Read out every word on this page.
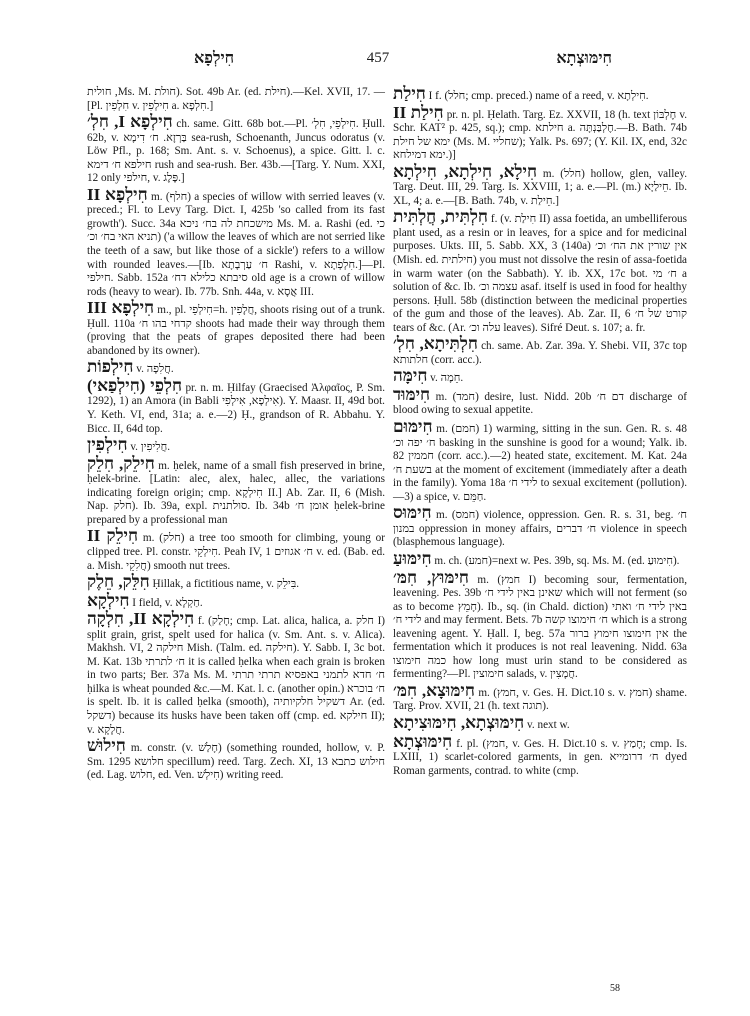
חִילְפָא	457	חִימּוּצְתָא

חולית ,Ms. M. חולת). Sot. 49b Ar. (ed. חילת).—Kel. XVII, 17. —[Pl. חִלְפִין v. חִילְפִין a. חִלְפָא.]

חִילְפָא I, חִלְ׳ ch. same. Gitt. 68b bot.—Pl. חִילְפֵי, חִלְ׳. Ḥull. 62b, v. בַּרְזָא. ח׳ דִימָא sea-rush, Schoenanth, Juncus odoratus (v. Löw Pfl., p. 168; Sm. Ant. s. v. Schoenus), a spice. Gitt. l. c. חילפא ח׳ דימא rush and sea-rush. Ber. 43b.—[Targ. Y. Num. XXI, 12 only חילפי, v. פֶּלֶג.]

חִילְפָא II m. (חלף) a species of willow with serried leaves (v. preced.; Fl. to Levy Targ. Dict. I, 425b 'so called from its fast growth'). Succ. 34a מישכחת לה בח׳ ניכא Ms. M. a. Rashi (ed. כי תניא האי בח׳ וכ׳) ('a willow the leaves of which are not serried like the teeth of a saw, but like those of a sickle') refers to a willow with rounded leaves.—[Ib. ח׳ עַרְבָתָא Rashi, v. חִלְפְתָא.]—Pl. חילפי. Sabb. 152a סיבתא כלילא דח׳ old age is a crown of willow rods (heavy to wear). Ib. 77b. Snh. 44a, v. אֲסָא III.

חִילְפָא III m., pl. חִילְפֵי=h. חֲלָפִין, shoots rising out of a trunk. Ḥull. 110a קדחי בהו ח׳ shoots had made their way through them (proving that the peats of grapes deposited there had been abandoned by its owner).

חִילְפוֹת v. חֲלִפָה.

חִלְפֵי (חִילְפַאי) pr. n. m. Ḥilfay (Graecised Ἀλφαῖος, P. Sm. 1292), 1) an Amora (in Babli אִילְפָא, אִילְפִי). Y. Maasr. II, 49d bot. Y. Keth. VI, end, 31a; a. e.—2) Ḥ., grandson of R. Abbahu. Y. Bicc. II, 64d top.

חִילְפִין v. חֲלִיפִין.

חִילֵק, חִלֵק m. ḥelek, name of a small fish preserved in brine, ḥelek-brine. [Latin: alec, alex, halec, allec, the variations indicating foreign origin; cmp. חִילְקָא II.] Ab. Zar. II, 6 (Mish. Nap. חלק). Ib. 39a, expl. סולתנית. Ib. 34b אומן ח׳ ḥelek-brine prepared by a professional man

חִילֵק II m. (חלק) a tree too smooth for climbing, young or clipped tree. Pl. constr. חִילְקֵי. Peah IV, 1 ח׳ אגוזים v. ed. (Bab. ed. a. Mish. חֲלִקֵי) smooth nut trees.

חִלֵּק, חֵלֶק Ḥillak, a fictitious name, v. בִּילֵק.

חִילְקָא I field, v. חַקְלָא.

חִילְקָא II, חִלְקָה f. (חָלַק; cmp. Lat. alica, halica, a. חלק I) split grain, grist, spelt used for halica (v. Sm. Ant. s. v. Alica). Makhsh. VI, 2 חילקה Mish. (Talm. ed. חילקה). Y. Sabb. I, 3c bot. M. Kat. 13b ח׳ לתרתי it is called ḥelka when each grain is broken in two parts; Ber. 37a Ms. M. ח׳ חדא לתמני באפסיא תרתי תרתי ḥilka is wheat pounded &c.—M. Kat. l. c. (another opin.) ח׳ בוכרא is spelt. Ib. it is called ḥelka (smooth), דשקיל חלקיותיה Ar. (ed. דשקל) because its husks have been taken off (cmp. ed. חילקא II); v. חֲלָקָא.

חִילוּשׁ m. constr. (v. חָלַשׁ) (something rounded, hollow, v. P. Sm. 1295 חלושא specillum) reed. Targ. Zech. XI, 13 חילוש כתבא (ed. Lag. חלוש, ed. Ven. חִילְשׁ) writing reed.

חִילַת I f. (חלל; cmp. preced.) name of a reed, v. חִילְתָא.

חִילַת II pr. n. pl. Ḥelath. Targ. Ez. XXVII, 18 (h. text חֶלְבּוֹן v. Schr. KAT² p. 425, sq.); cmp. חילתא a. חֶלְבַּנְתָּה.—B. Bath. 74b ימא של חילת (Ms. M. שחליי); Yalk. Ps. 697; (Y. Kil. IX, end, 32c ימא דמילחא.)]

חִילָא, חִילְתָא, חִילְתָא m. (חלל) hollow, glen, valley. Targ. Deut. III, 29. Targ. Is. XXVIII, 1; a. e.—Pl. (m.) חֵילַיָא. Ib. XL, 4; a. e.—[B. Bath. 74b, v. חֵילַת.]

חִלְתִּית, חֲלְתִּית f. (v. חִילַת II) assa foetida, an umbelliferous plant used, as a resin or in leaves, for a spice and for medicinal purposes. Ukts. III, 5. Sabb. XX, 3 (140a) אין שורין את הח׳ וכ׳ (Mish. ed. חילתית) you must not dissolve the resin of assa-foetida in warm water (on the Sabbath). Y. ib. XX, 17c bot. ח׳ מי a solution of &c. Ib. עצמה וכ׳ asaf. itself is used in food for healthy persons. Ḥull. 58b (distinction between the medicinal properties of the gum and those of the leaves). Ab. Zar. II, 6 קורט של ח׳ tears of &c. (Ar. עלה וכ׳ leaves). Sifré Deut. s. 107; a. fr.

חִלְתִּיתָא, חִלְ׳ ch. same. Ab. Zar. 39a. Y. Shebi. VII, 37c top חלתותא (corr. acc.).

חִימָּה v. חֵמָה.

חִימּוּד m. (חמד) desire, lust. Nidd. 20b דם ח׳ discharge of blood owing to sexual appetite.

חִימּוּם m. (חמם) 1) warming, sitting in the sun. Gen. R. s. 48 ח׳ יפה וכ׳ basking in the sunshine is good for a wound; Yalk. ib. 82 חממין (corr. acc.).—2) heated state, excitement. M. Kat. 24a בשעת ח׳ at the moment of excitement (immediately after a death in the family). Yoma 18a לידי ח׳ to sexual excitement (pollution).—3) a spice, v. חַמֵּם.

חִימּוּס m. (חמס) violence, oppression. Gen. R. s. 31, beg. ח׳ במנון oppression in money affairs, ח׳ דברים violence in speech (blasphemous language).

חִימּוּעַ m. ch. (חמע)=next w. Pes. 39b, sq. Ms. M. (ed. חִימוּעַ).

חִימּוּץ, חִמּ׳ m. (חמץ I) becoming sour, fermentation, leavening. Pes. 39b שאינן באין לידי ח׳ which will not ferment (so as to become חָמֵץ). Ib., sq. (in Chald. diction) באין לידי ח׳ ואתי לידי ח׳ and may ferment. Bets. 7b ח׳ חימוצו קשה which is a strong leavening agent. Y. Ḥall. I, beg. 57a אין חימוצו חימוץ ברור the fermentation which it produces is not real leavening. Nidd. 63a כמה חימוצו how long must urin stand to be considered as fermenting?—Pl. חימוצין salads, v. חֲמָצִין.

חִימּוּצָא, חִמּ׳ m. (חמץ, v. Ges. H. Dict.10 s. v. חמץ) shame. Targ. Prov. XVII, 21 (h. text תוגה).

חִימּוּצְתָא, חִימּוּצִיתָא v. next w.

חִימּוּצְתָא f. pl. (חמץ, v. Ges. H. Dict.10 s. v. חָמַץ; cmp. Is. LXIII, 1) scarlet-colored garments, in gen. ח׳ דרומייא dyed Roman garments, contrad. to white (cmp.

58
